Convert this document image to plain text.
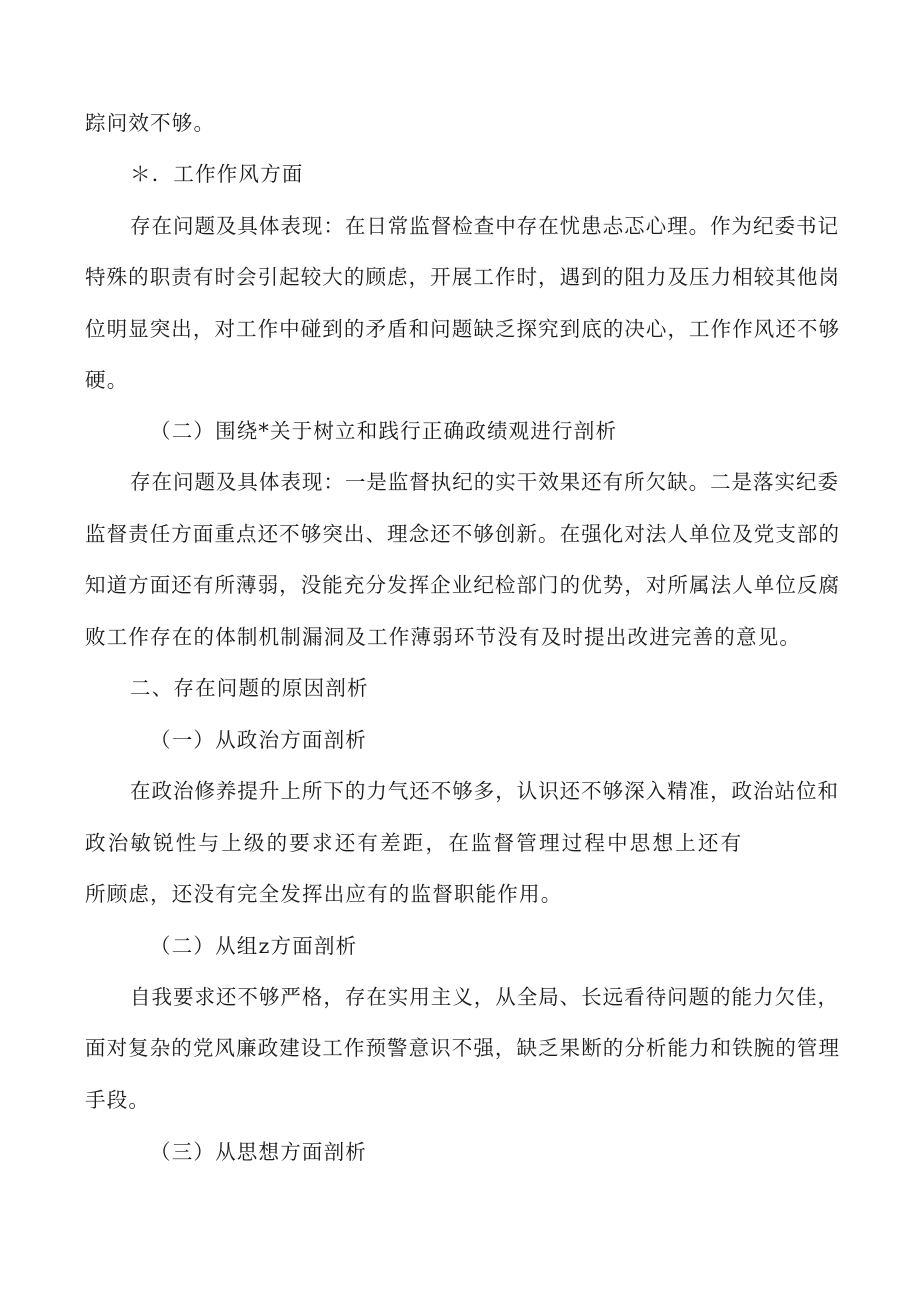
踪问效不够。

＊．工作作风方面

存在问题及具体表现：在日常监督检查中存在忧患忐忑心理。作为纪委书记

特殊的职责有时会引起较大的顾虑，开展工作时，遇到的阻力及压力相较其他岗

位明显突出，对工作中碰到的矛盾和问题缺乏探究到底的决心，工作作风还不够

硬。

（二）围绕*关于树立和践行正确政绩观进行剖析

存在问题及具体表现：一是监督执纪的实干效果还有所欠缺。二是落实纪委

监督责任方面重点还不够突出、理念还不够创新。在强化对法人单位及党支部的

知道方面还有所薄弱，没能充分发挥企业纪检部门的优势，对所属法人单位反腐

败工作存在的体制机制漏洞及工作薄弱环节没有及时提出改进完善的意见。

二、存在问题的原因剖析

（一）从政治方面剖析

在政治修养提升上所下的力气还不够多，认识还不够深入精准，政治站位和

政治敏锐性与上级的要求还有差距，在监督管理过程中思想上还有

所顾虑，还没有完全发挥出应有的监督职能作用。

（二）从组z方面剖析

自我要求还不够严格，存在实用主义，从全局、长远看待问题的能力欠佳，

面对复杂的党风廉政建设工作预警意识不强，缺乏果断的分析能力和铁腕的管理

手段。

（三）从思想方面剖析
